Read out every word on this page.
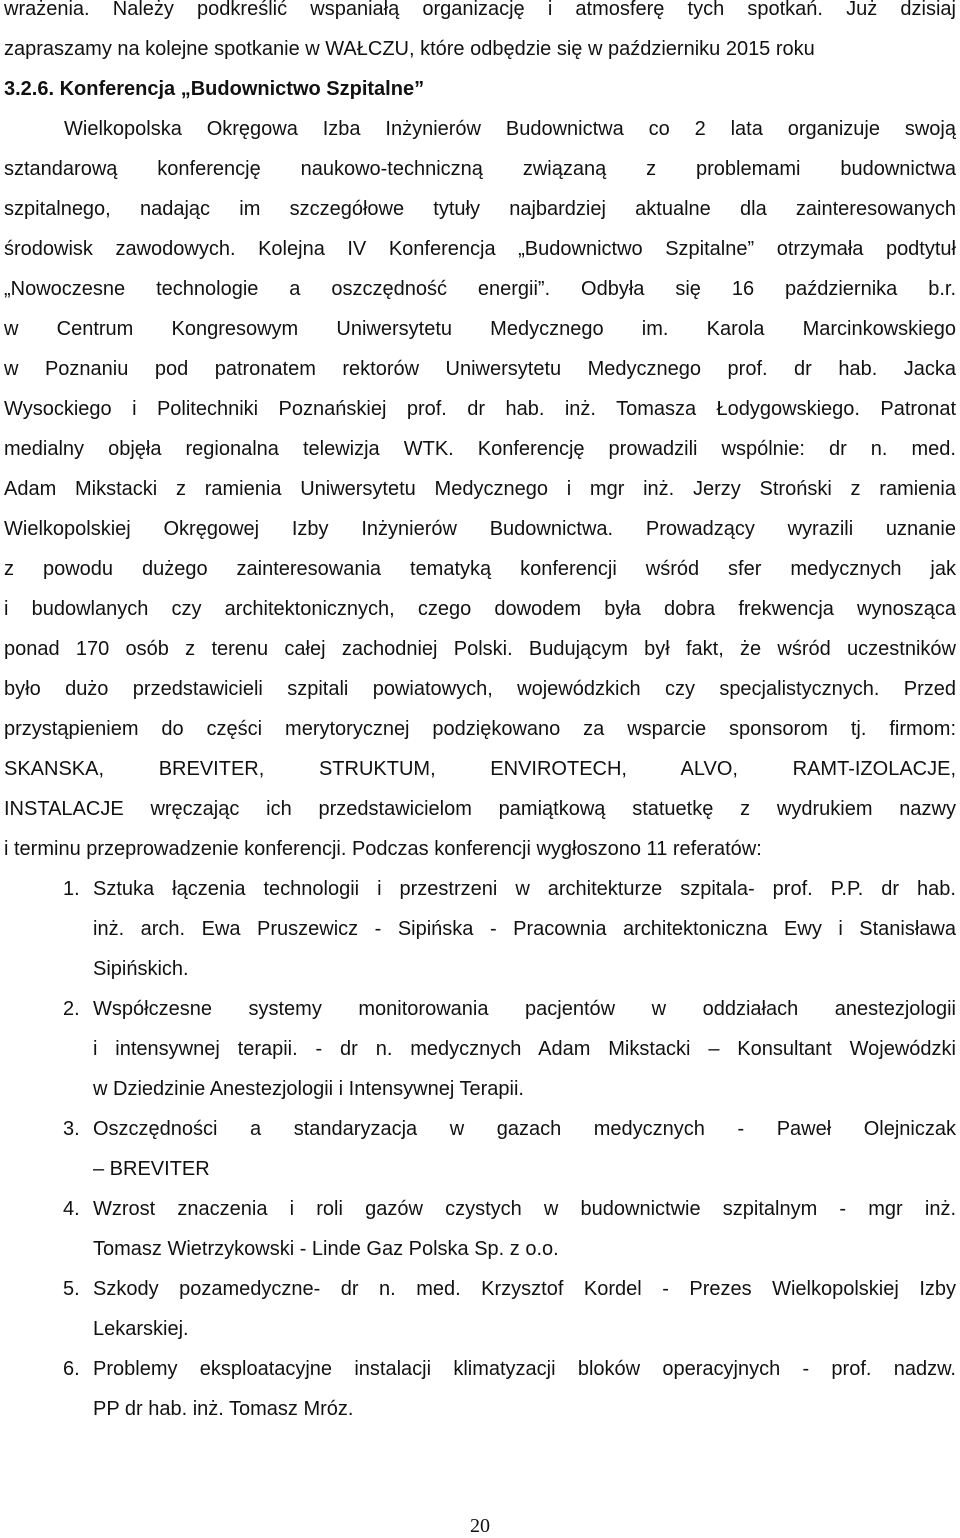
wrażenia. Należy podkreślić wspaniałą organizację i atmosferę tych spotkań. Już dzisiaj
zapraszamy na kolejne spotkanie w WAŁCZU, które odbędzie się w październiku 2015 roku
3.2.6. Konferencja „Budownictwo Szpitalne”
Wielkopolska Okręgowa Izba Inżynierów Budownictwa co 2 lata organizuje swoją
sztandarową konferencję naukowo-techniczną związaną z problemami budownictwa
szpitalnego, nadając im szczegółowe tytuły najbardziej aktualne dla zainteresowanych
środowisk zawodowych. Kolejna IV Konferencja „Budownictwo Szpitalne” otrzymała podtytuł
„Nowoczesne technologie a oszczędność energii”. Odbyła się 16 października b.r.
w Centrum Kongresowym Uniwersytetu Medycznego im. Karola Marcinkowskiego
w Poznaniu pod patronatem rektorów Uniwersytetu Medycznego prof. dr hab. Jacka
Wysockiego i Politechniki Poznańskiej prof. dr hab. inż. Tomasza Łodygowskiego. Patronat
medialny objęła regionalna telewizja WTK. Konferencję prowadzili wspólnie: dr n. med.
Adam Mikstacki z ramienia Uniwersytetu Medycznego i mgr inż. Jerzy Stroński z ramienia
Wielkopolskiej Okręgowej Izby Inżynierów Budownictwa. Prowadzący wyrazili uznanie
z powodu dużego zainteresowania tematyką konferencji wśród sfer medycznych jak
i budowlanych czy architektonicznych, czego dowodem była dobra frekwencja wynosząca
ponad 170 osób z terenu całej zachodniej Polski. Budującym był fakt, że wśród uczestników
było dużo przedstawicieli szpitali powiatowych, wojewódzkich czy specjalistycznych. Przed
przystąpieniem do części merytorycznej podziękowano za wsparcie sponsorom tj. firmom:
SKANSKA, BREVITER, STRUKTUM, ENVIROTECH, ALVO, RAMT-IZOLACJE,
INSTALACJE wręczając ich przedstawicielom pamiątkową statuetkę z wydrukiem nazwy
i terminu przeprowadzenie konferencji. Podczas konferencji wygłoszono 11 referatów:
1. Sztuka łączenia technologii i przestrzeni w architekturze szpitala- prof. P.P. dr hab.
inż. arch. Ewa Pruszewicz - Sipińska - Pracownia architektoniczna Ewy i Stanisława
Sipińskich.
2. Współczesne systemy monitorowania pacjentów w oddziałach anestezjologii
i intensywnej terapii. - dr n. medycznych Adam Mikstacki – Konsultant Wojewódzki
w Dziedzinie Anestezjologii i Intensywnej Terapii.
3. Oszczędności a standaryzacja w gazach medycznych - Paweł Olejniczak
– BREVITER
4. Wzrost znaczenia i roli gazów czystych w budownictwie szpitalnym - mgr inż.
Tomasz Wietrzykowski - Linde Gaz Polska Sp. z o.o.
5. Szkody pozamedyczne- dr n. med. Krzysztof Kordel - Prezes Wielkopolskiej Izby
Lekarskiej.
6. Problemy eksploatacyjne instalacji klimatyzacji bloków operacyjnych - prof. nadzw.
PP dr hab. inż. Tomasz Mróz.
20
